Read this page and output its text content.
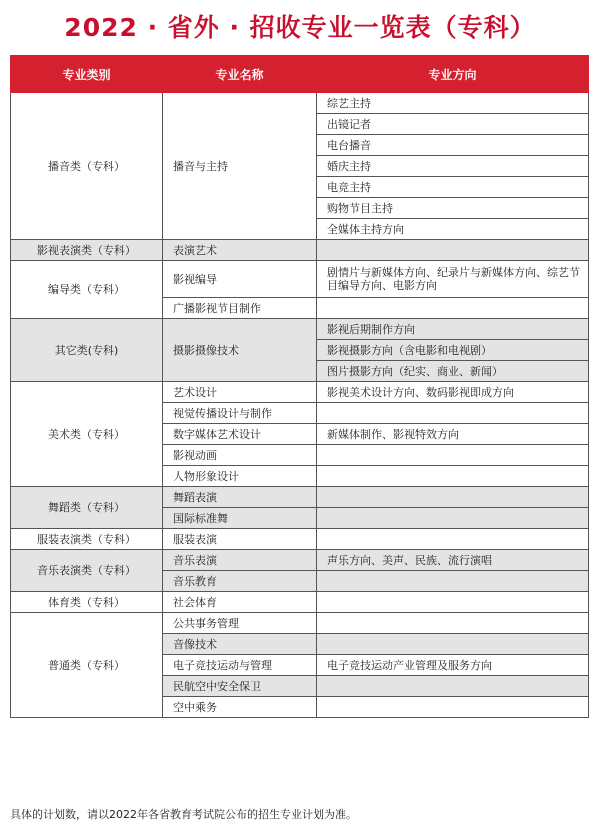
2022 · 省外 · 招收专业一览表（专科）
专业类别	专业名称	专业方向
播音类（专科）	播音与主持	综艺主持
		出镜记者
		电台播音
		婚庆主持
		电竞主持
		购物节目主持
		全媒体主持方向
影视表演类（专科）	表演艺术	
编导类（专科）	影视编导	剧情片与新媒体方向、纪录片与新媒体方向、综艺节目编导方向、电影方向
	广播影视节目制作	
其它类(专科)	摄影摄像技术	影视后期制作方向
		影视摄影方向（含电影和电视剧）
		图片摄影方向（纪实、商业、新闻）
美术类（专科）	艺术设计	影视美术设计方向、数码影视即成方向
	视觉传播设计与制作	
	数字媒体艺术设计	新媒体制作、影视特效方向
	影视动画	
	人物形象设计	
舞蹈类（专科）	舞蹈表演	
	国际标准舞	
服装表演类（专科）	服装表演	
音乐表演类（专科）	音乐表演	声乐方向、美声、民族、流行演唱
	音乐教育	
体育类（专科）	社会体育	
普通类（专科）	公共事务管理	
	音像技术	
	电子竞技运动与管理	电子竞技运动产业管理及服务方向
	民航空中安全保卫	
	空中乘务	
具体的计划数，请以2022年各省教育考试院公布的招生专业计划为准。
